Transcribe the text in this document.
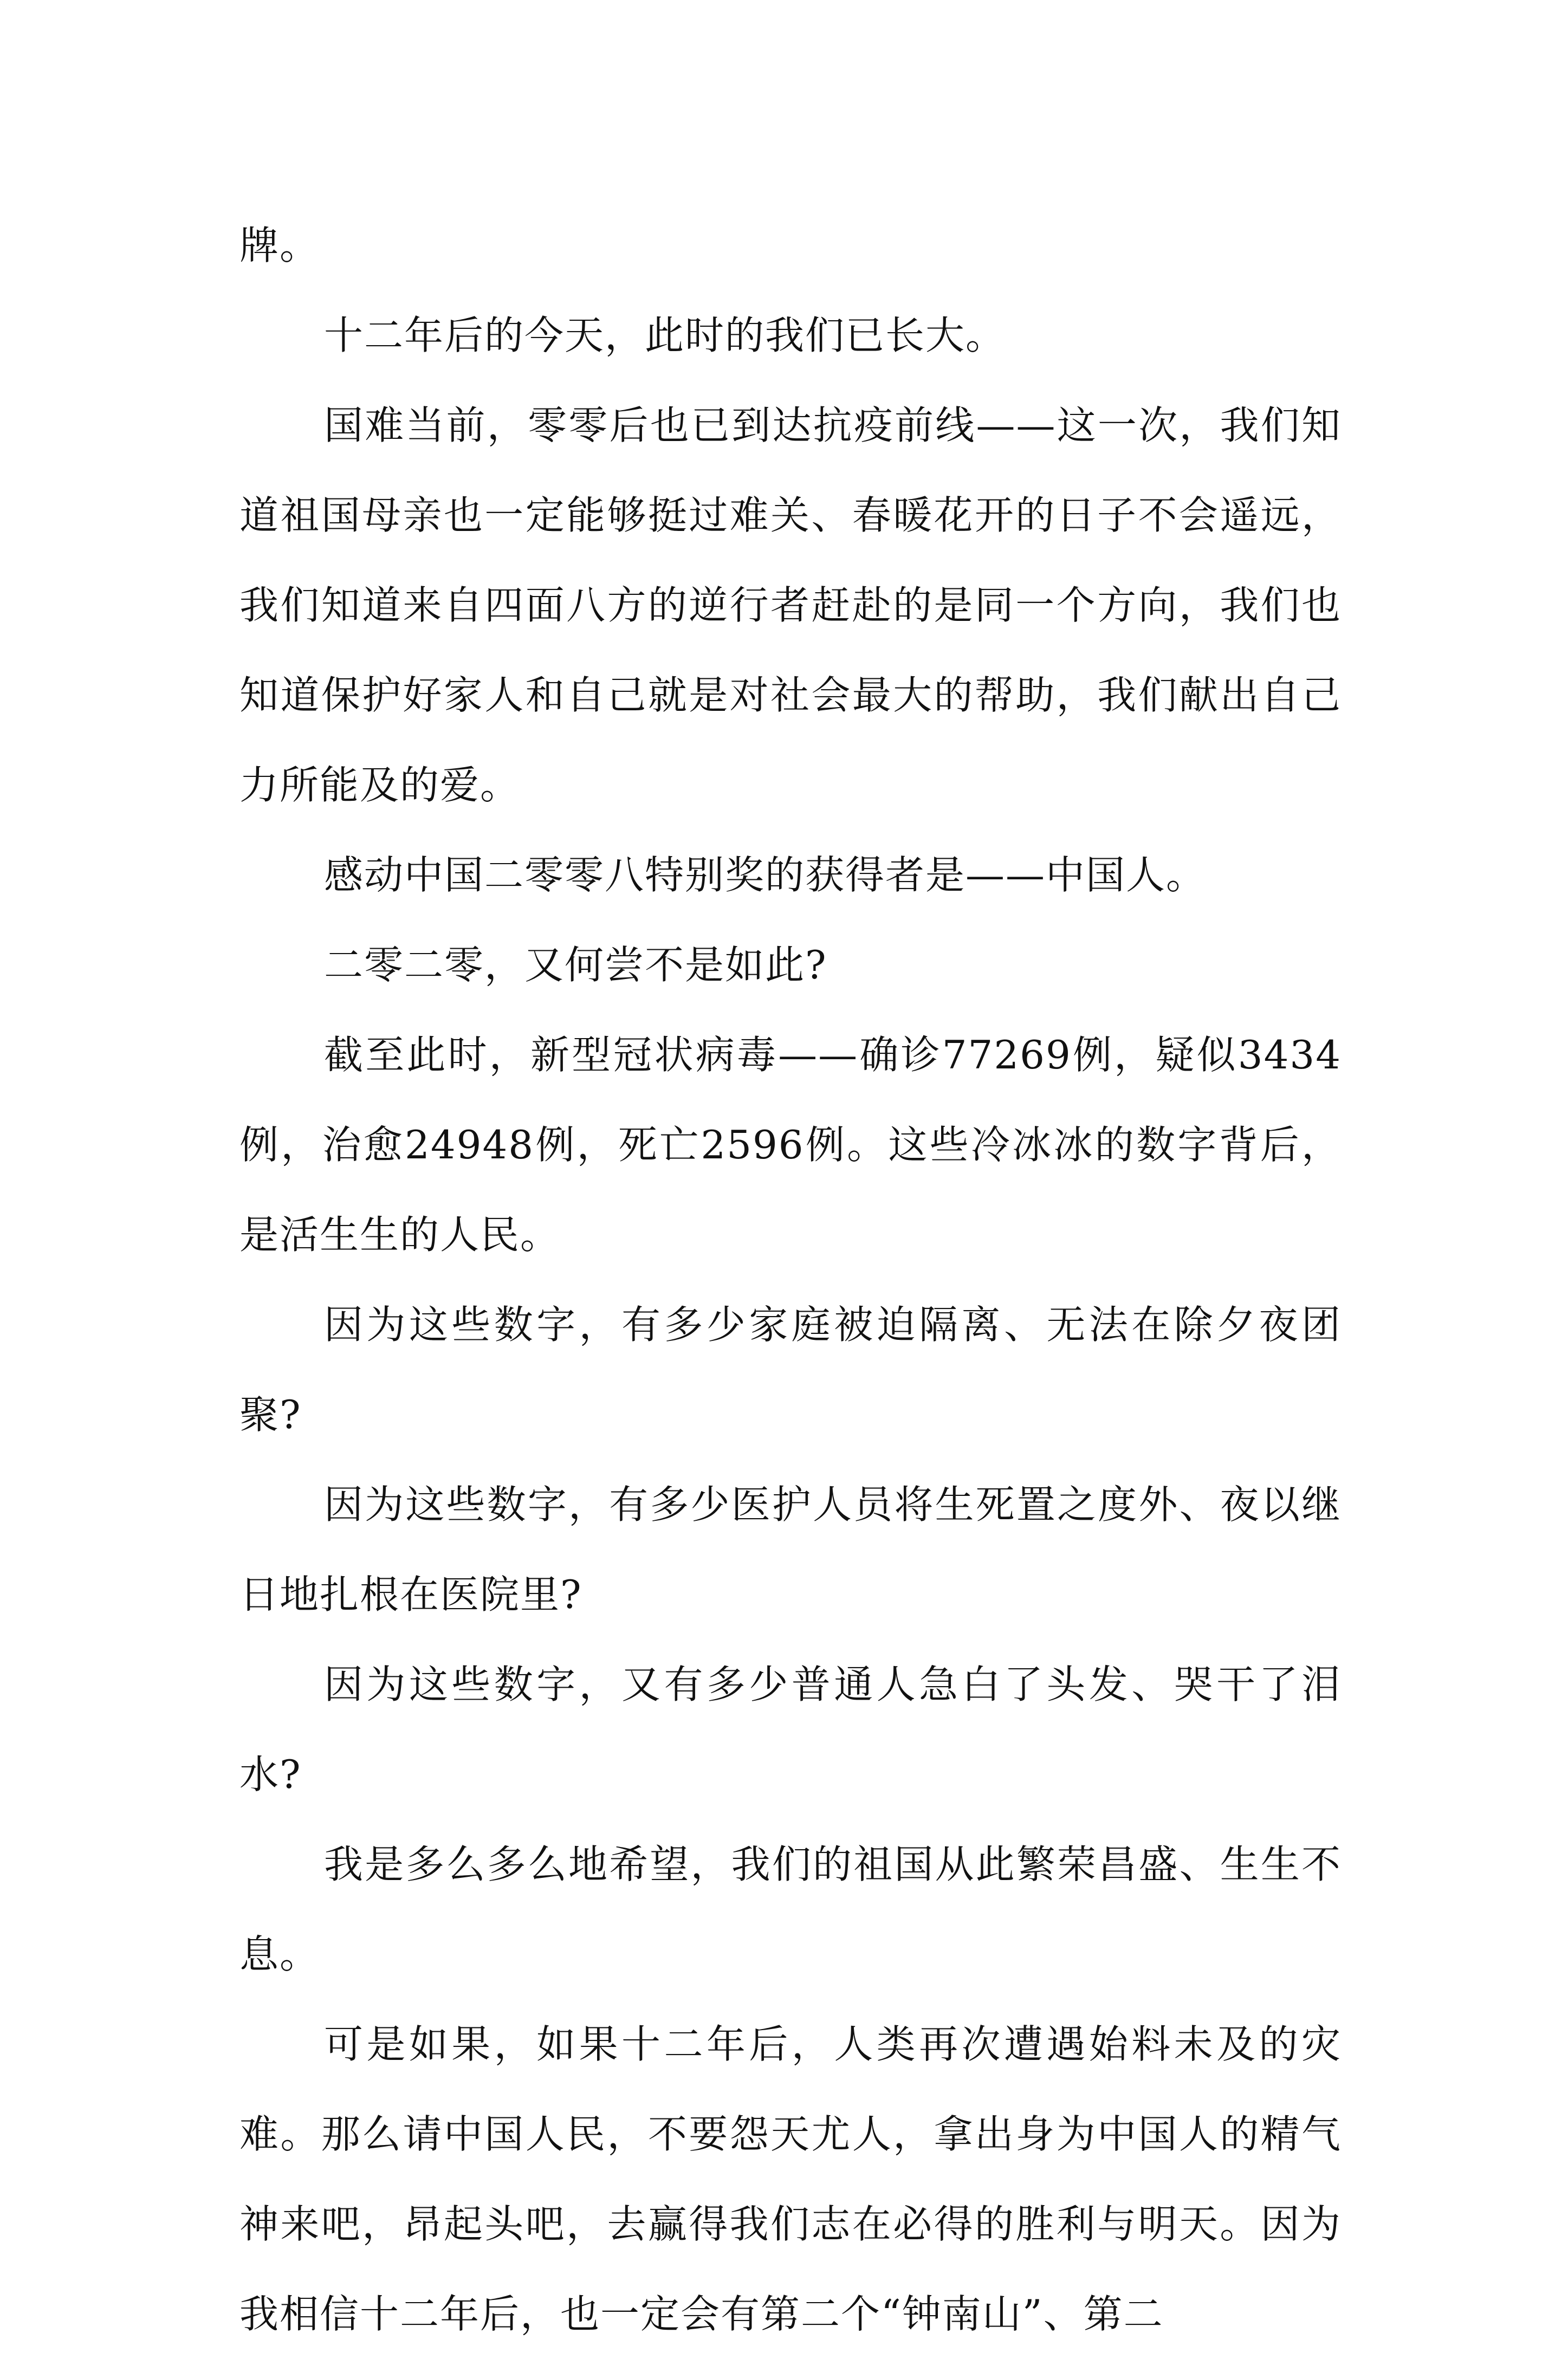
牌。

十二年后的今天，此时的我们已长大。

国难当前，零零后也已到达抗疫前线——这一次，我们知道祖国母亲也一定能够挺过难关、春暖花开的日子不会遥远，我们知道来自四面八方的逆行者赶赴的是同一个方向，我们也知道保护好家人和自己就是对社会最大的帮助，我们献出自己力所能及的爱。

感动中国二零零八特别奖的获得者是——中国人。

二零二零，又何尝不是如此?

截至此时，新型冠状病毒——确诊77269例，疑似3434例，治愈24948例，死亡2596例。这些冷冰冰的数字背后，是活生生的人民。

因为这些数字，有多少家庭被迫隔离、无法在除夕夜团聚?

因为这些数字，有多少医护人员将生死置之度外、夜以继日地扎根在医院里?

因为这些数字，又有多少普通人急白了头发、哭干了泪水?

我是多么多么地希望，我们的祖国从此繁荣昌盛、生生不息。

可是如果，如果十二年后，人类再次遭遇始料未及的灾难。那么请中国人民，不要怨天尤人，拿出身为中国人的精气神来吧，昂起头吧，去赢得我们志在必得的胜利与明天。因为我相信十二年后，也一定会有第二个“钟南山”、第二
